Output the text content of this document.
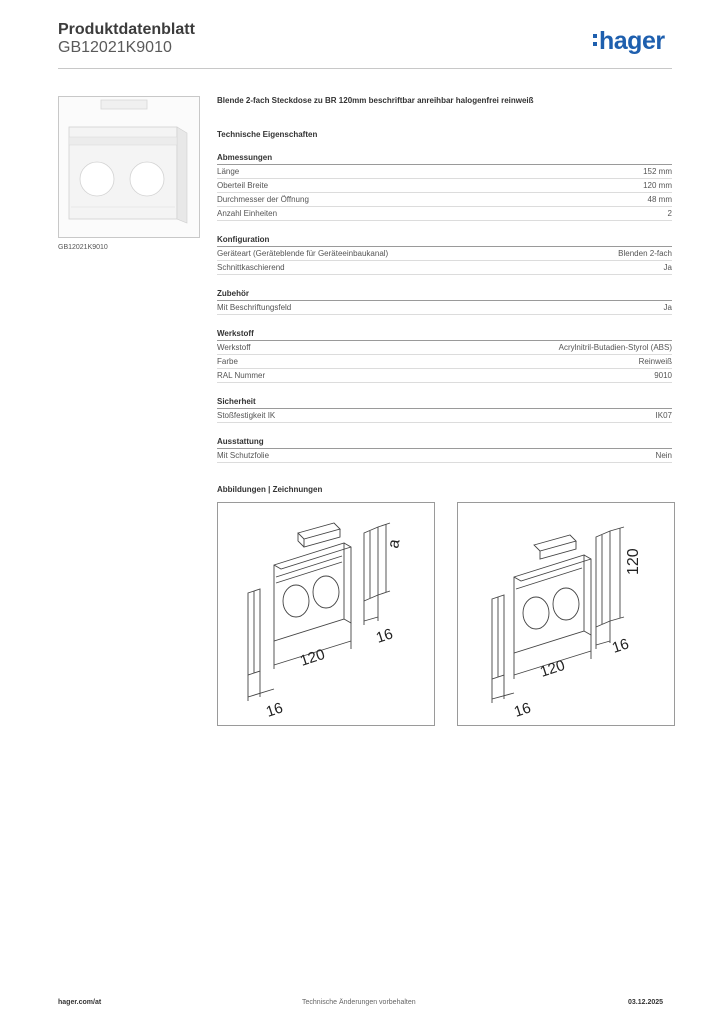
Produktdatenblatt
GB12021K9010	hager
GB12021K9010
Blende 2-fach Steckdose zu BR 120mm beschriftbar anreihbar halogenfrei reinweiß
Technische Eigenschaften
Abmessungen
Länge	152 mm
Oberteil Breite	120 mm
Durchmesser der Öffnung	48 mm
Anzahl Einheiten	2
Konfiguration
Geräteart (Geräteblende für Geräteeinbaukanal)	Blenden 2-fach
Schnittkaschierend	Ja
Zubehör
Mit Beschriftungsfeld	Ja
Werkstoff
Werkstoff	Acrylnitril-Butadien-Styrol (ABS)
Farbe	Reinweiß
RAL Nummer	9010
Sicherheit
Stoßfestigkeit IK	IK07
Ausstattung
Mit Schutzfolie	Nein
Abbildungen | Zeichnungen
a
120
16
16
120
120
16
16
hager.com/at	Technische Änderungen vorbehalten	03.12.2025
